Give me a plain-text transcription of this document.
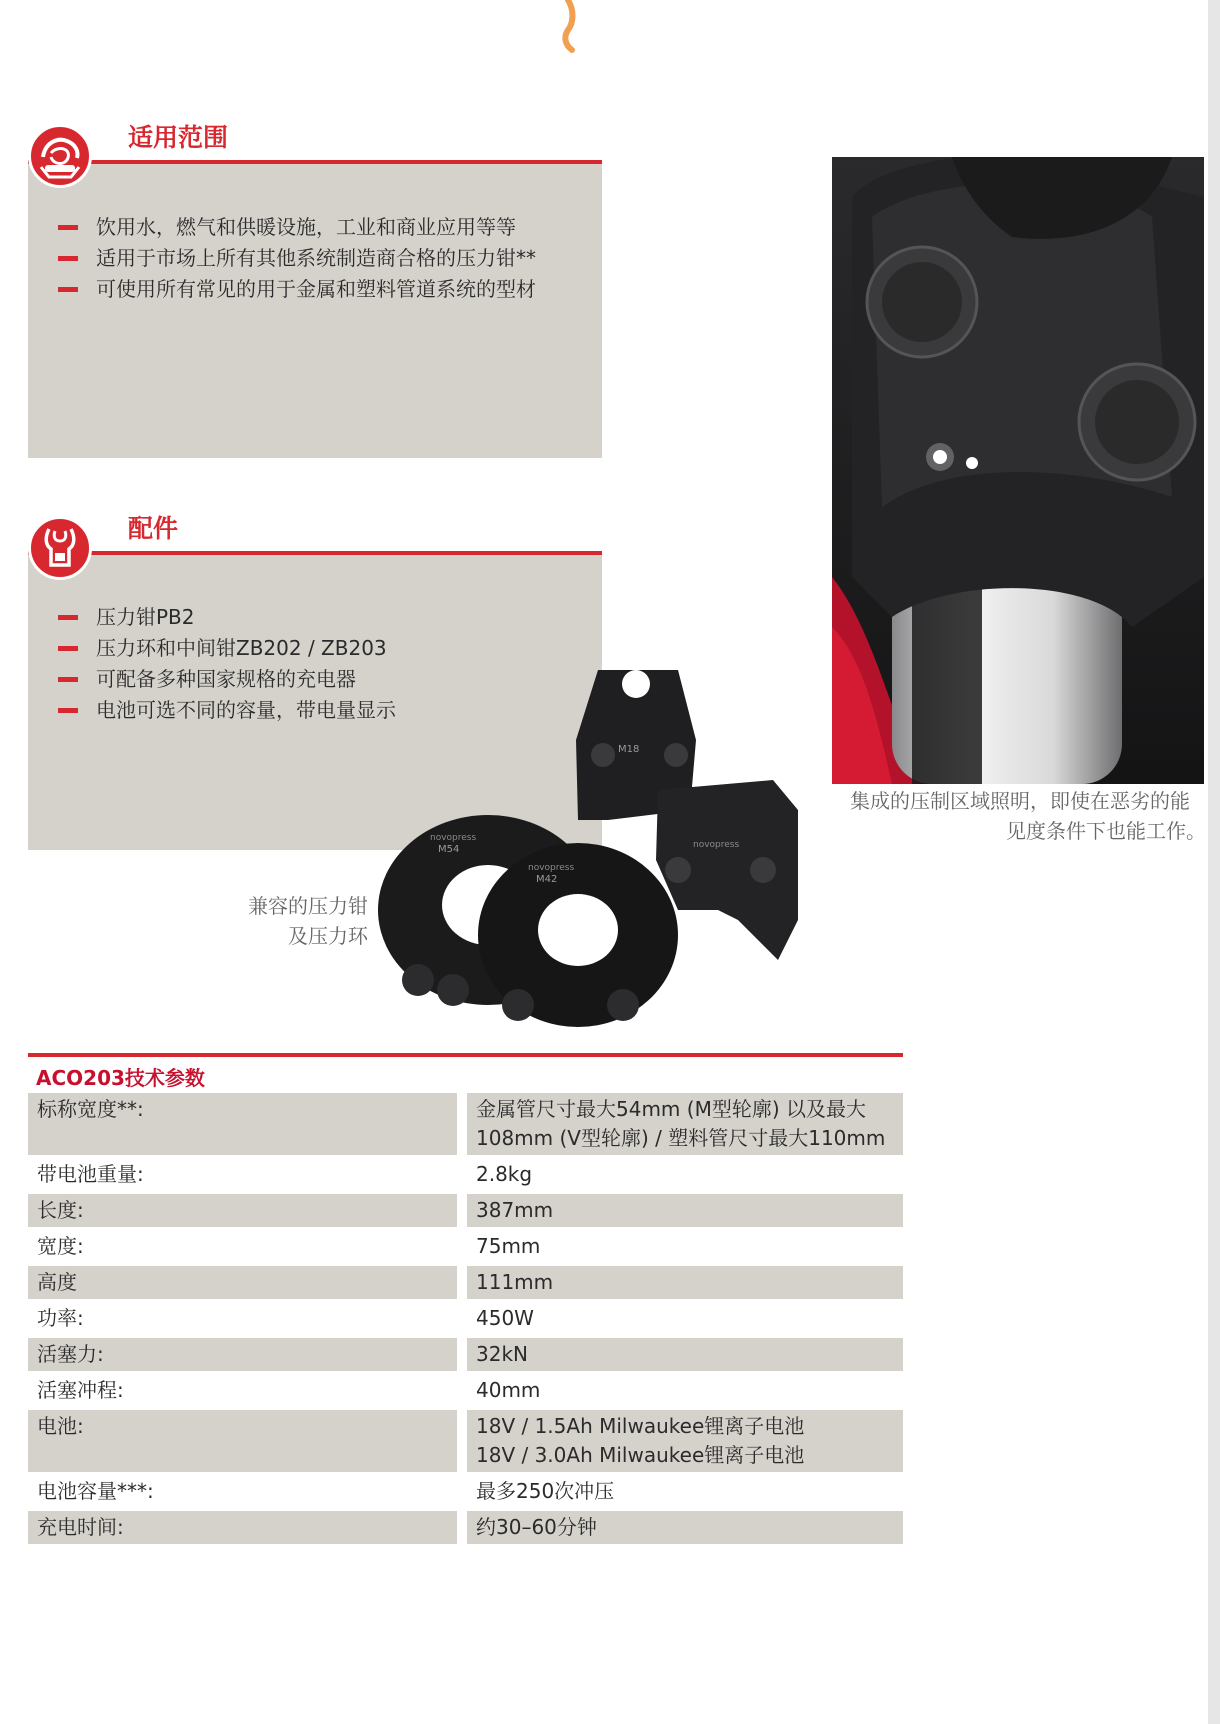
适用范围
饮用水，燃气和供暖设施，工业和商业应用等等
适用于市场上所有其他系统制造商合格的压力钳**
可使用所有常见的用于金属和塑料管道系统的型材
配件
压力钳PB2
压力环和中间钳ZB202 / ZB203
可配备多种国家规格的充电器
电池可选不同的容量，带电量显示
集成的压制区域照明，即使在恶劣的能
见度条件下也能工作。
兼容的压力钳
及压力环
M18
novopress
M54
novopress
M42
novopress
ACO203技术参数
标称宽度**:	金属管尺寸最大54mm (M型轮廓) 以及最大
108mm (V型轮廓) / 塑料管尺寸最大110mm
带电池重量:	2.8kg
长度:	387mm
宽度:	75mm
高度	111mm
功率:	450W
活塞力:	32kN
活塞冲程:	40mm
电池:	18V / 1.5Ah Milwaukee锂离子电池
18V / 3.0Ah Milwaukee锂离子电池
电池容量***:	最多250次冲压
充电时间:	约30–60分钟
